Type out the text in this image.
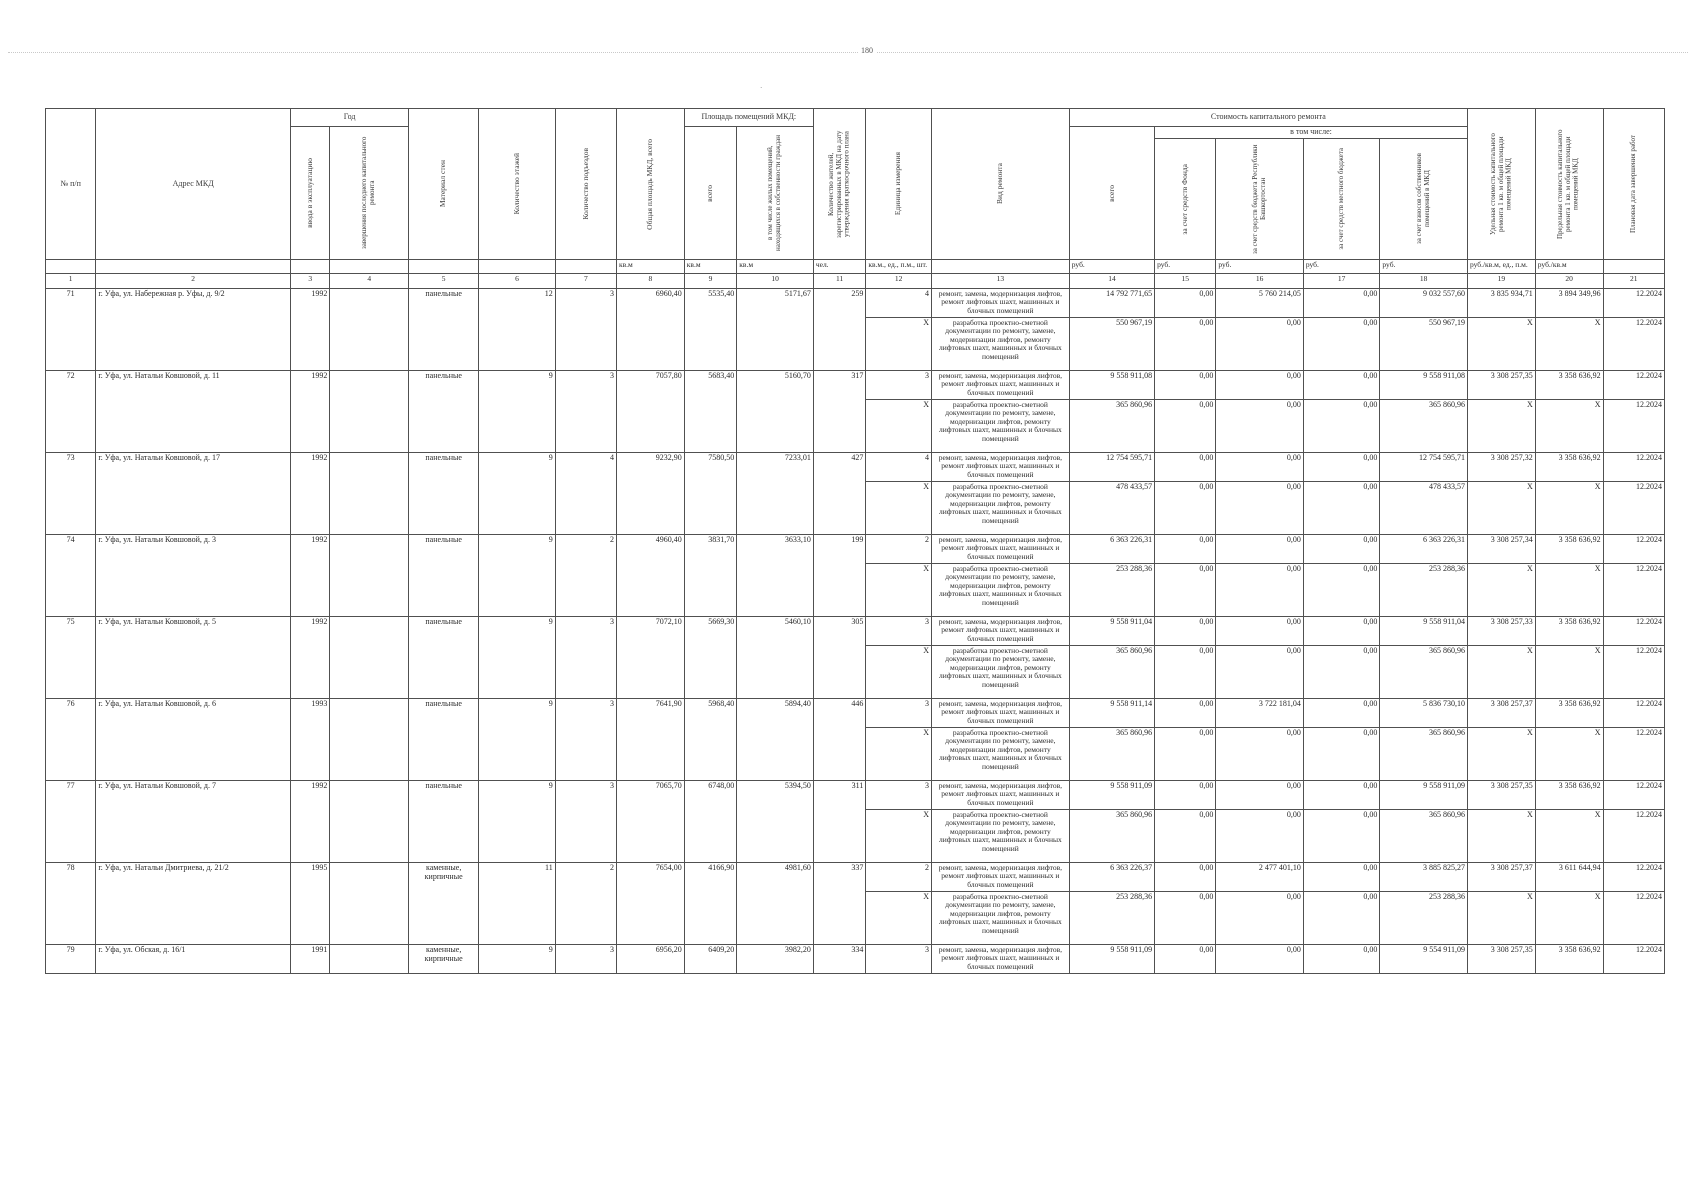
180
·
№ п/п	Адрес МКД	Год		Материал стен	Количество этажей	Количество подъездов	Общая площадь МКД, всего	Площадь помещений МКД:		Количество жителей, зарегистрированных в МКД на дату утверждения краткосрочного плана	Единица измерения	Вид ремонта	Стоимость капитального ремонта					Удельная стоимость капитального ремонта 1 кв. м общей площади помещений МКД	Предельная стоимость капитального ремонта 1 кв. м общей площади помещений МКД	Плановая дата завершения работ

		ввода в эксплуатацию	завершения последнего капитального ремонта					всего	в том числе жилых помещений, находящихся в собственности граждан				всего	в том числе:						

														за счет средств Фонда	за счет средств бюджета Республики Башкортостан	за счет средств местного бюджета	за счет взносов собственников помещений в МКД			

							кв.м	кв.м	кв.м	чел.	кв.м., ед., п.м., шт.		руб.	руб.	руб.	руб.	руб.	руб./кв.м, ед., п.м.	руб./кв.м	
1	2	3	4	5	6	7	8	9	10	11	12	13	14	15	16	17	18	19	20	21
71	г. Уфа, ул. Набережная р. Уфы, д. 9/2	1992		панельные	12	3	6960,40	5535,40	5171,67	259	4	ремонт, замена, модернизация лифтов, ремонт лифтовых шахт, машинных и блочных помещений	14 792 771,65	0,00	5 760 214,05	0,00	9 032 557,60	3 835 934,71	3 894 349,96	12.2024
											X	разработка проектно-сметной документации по ремонту, замене, модернизации лифтов, ремонту лифтовых шахт, машинных и блочных помещений	550 967,19	0,00	0,00	0,00	550 967,19	X	X	12.2024
72	г. Уфа, ул. Натальи Ковшовой, д. 11	1992		панельные	9	3	7057,80	5683,40	5160,70	317	3	ремонт, замена, модернизация лифтов, ремонт лифтовых шахт, машинных и блочных помещений	9 558 911,08	0,00	0,00	0,00	9 558 911,08	3 308 257,35	3 358 636,92	12.2024
											X	разработка проектно-сметной документации по ремонту, замене, модернизации лифтов, ремонту лифтовых шахт, машинных и блочных помещений	365 860,96	0,00	0,00	0,00	365 860,96	X	X	12.2024
73	г. Уфа, ул. Натальи Ковшовой, д. 17	1992		панельные	9	4	9232,90	7580,50	7233,01	427	4	ремонт, замена, модернизация лифтов, ремонт лифтовых шахт, машинных и блочных помещений	12 754 595,71	0,00	0,00	0,00	12 754 595,71	3 308 257,32	3 358 636,92	12.2024
											X	разработка проектно-сметной документации по ремонту, замене, модернизации лифтов, ремонту лифтовых шахт, машинных и блочных помещений	478 433,57	0,00	0,00	0,00	478 433,57	X	X	12.2024
74	г. Уфа, ул. Натальи Ковшовой, д. 3	1992		панельные	9	2	4960,40	3831,70	3633,10	199	2	ремонт, замена, модернизация лифтов, ремонт лифтовых шахт, машинных и блочных помещений	6 363 226,31	0,00	0,00	0,00	6 363 226,31	3 308 257,34	3 358 636,92	12.2024
											X	разработка проектно-сметной документации по ремонту, замене, модернизации лифтов, ремонту лифтовых шахт, машинных и блочных помещений	253 288,36	0,00	0,00	0,00	253 288,36	X	X	12.2024
75	г. Уфа, ул. Натальи Ковшовой, д. 5	1992		панельные	9	3	7072,10	5669,30	5460,10	305	3	ремонт, замена, модернизация лифтов, ремонт лифтовых шахт, машинных и блочных помещений	9 558 911,04	0,00	0,00	0,00	9 558 911,04	3 308 257,33	3 358 636,92	12.2024
											X	разработка проектно-сметной документации по ремонту, замене, модернизации лифтов, ремонту лифтовых шахт, машинных и блочных помещений	365 860,96	0,00	0,00	0,00	365 860,96	X	X	12.2024
76	г. Уфа, ул. Натальи Ковшовой, д. 6	1993		панельные	9	3	7641,90	5968,40	5894,40	446	3	ремонт, замена, модернизация лифтов, ремонт лифтовых шахт, машинных и блочных помещений	9 558 911,14	0,00	3 722 181,04	0,00	5 836 730,10	3 308 257,37	3 358 636,92	12.2024
											X	разработка проектно-сметной документации по ремонту, замене, модернизации лифтов, ремонту лифтовых шахт, машинных и блочных помещений	365 860,96	0,00	0,00	0,00	365 860,96	X	X	12.2024
77	г. Уфа, ул. Натальи Ковшовой, д. 7	1992		панельные	9	3	7065,70	6748,00	5394,50	311	3	ремонт, замена, модернизация лифтов, ремонт лифтовых шахт, машинных и блочных помещений	9 558 911,09	0,00	0,00	0,00	9 558 911,09	3 308 257,35	3 358 636,92	12.2024
											X	разработка проектно-сметной документации по ремонту, замене, модернизации лифтов, ремонту лифтовых шахт, машинных и блочных помещений	365 860,96	0,00	0,00	0,00	365 860,96	X	X	12.2024
78	г. Уфа, ул. Натальи Дмитриева, д. 21/2	1995		каменные, кирпичные	11	2	7654,00	4166,90	4981,60	337	2	ремонт, замена, модернизация лифтов, ремонт лифтовых шахт, машинных и блочных помещений	6 363 226,37	0,00	2 477 401,10	0,00	3 885 825,27	3 308 257,37	3 611 644,94	12.2024
											X	разработка проектно-сметной документации по ремонту, замене, модернизации лифтов, ремонту лифтовых шахт, машинных и блочных помещений	253 288,36	0,00	0,00	0,00	253 288,36	X	X	12.2024
79	г. Уфа, ул. Обская, д. 16/1	1991		каменные, кирпичные	9	3	6956,20	6409,20	3982,20	334	3	ремонт, замена, модернизация лифтов, ремонт лифтовых шахт, машинных и блочных помещений	9 558 911,09	0,00	0,00	0,00	9 554 911,09	3 308 257,35	3 358 636,92	12.2024
